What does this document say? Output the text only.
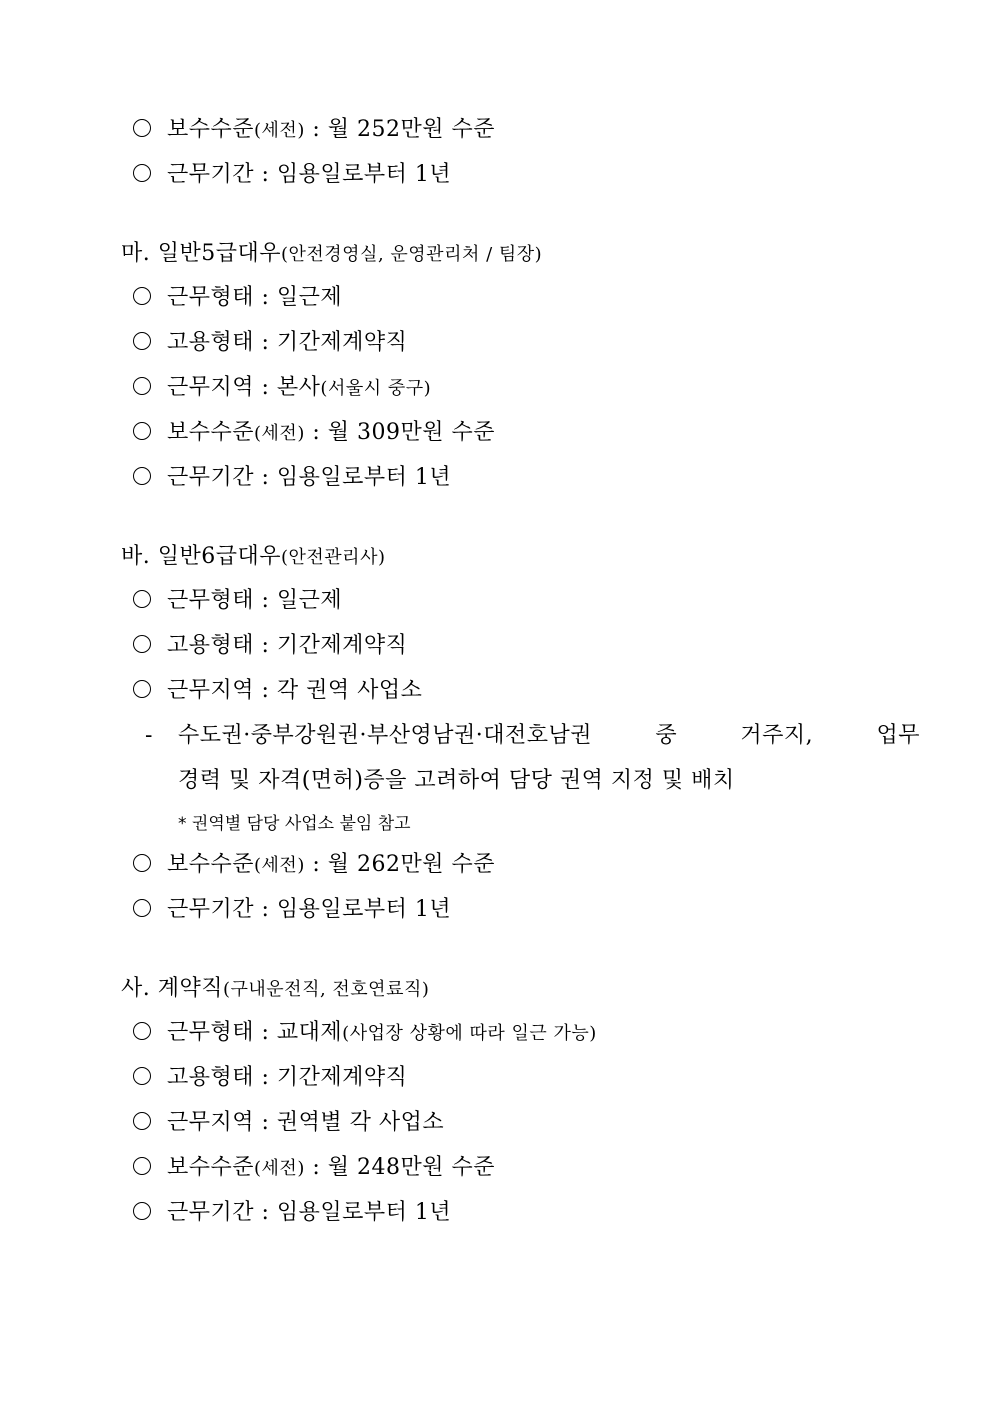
보수수준(세전) : 월 252만원 수준
근무기간 : 임용일로부터 1년
마. 일반5급대우(안전경영실, 운영관리처 / 팀장)
근무형태 : 일근제
고용형태 : 기간제계약직
근무지역 : 본사(서울시 중구)
보수수준(세전) : 월 309만원 수준
근무기간 : 임용일로부터 1년
바. 일반6급대우(안전관리사)
근무형태 : 일근제
고용형태 : 기간제계약직
근무지역 : 각 권역 사업소
- 수도권·중부강원권·부산영남권·대전호남권	중	거주지,	업무
경력 및 자격(면허)증을 고려하여 담당 권역 지정 및 배치
* 권역별 담당 사업소 붙임 참고
보수수준(세전) : 월 262만원 수준
근무기간 : 임용일로부터 1년
사. 계약직(구내운전직, 전호연료직)
근무형태 : 교대제(사업장 상황에 따라 일근 가능)
고용형태 : 기간제계약직
근무지역 : 권역별 각 사업소
보수수준(세전) : 월 248만원 수준
근무기간 : 임용일로부터 1년
